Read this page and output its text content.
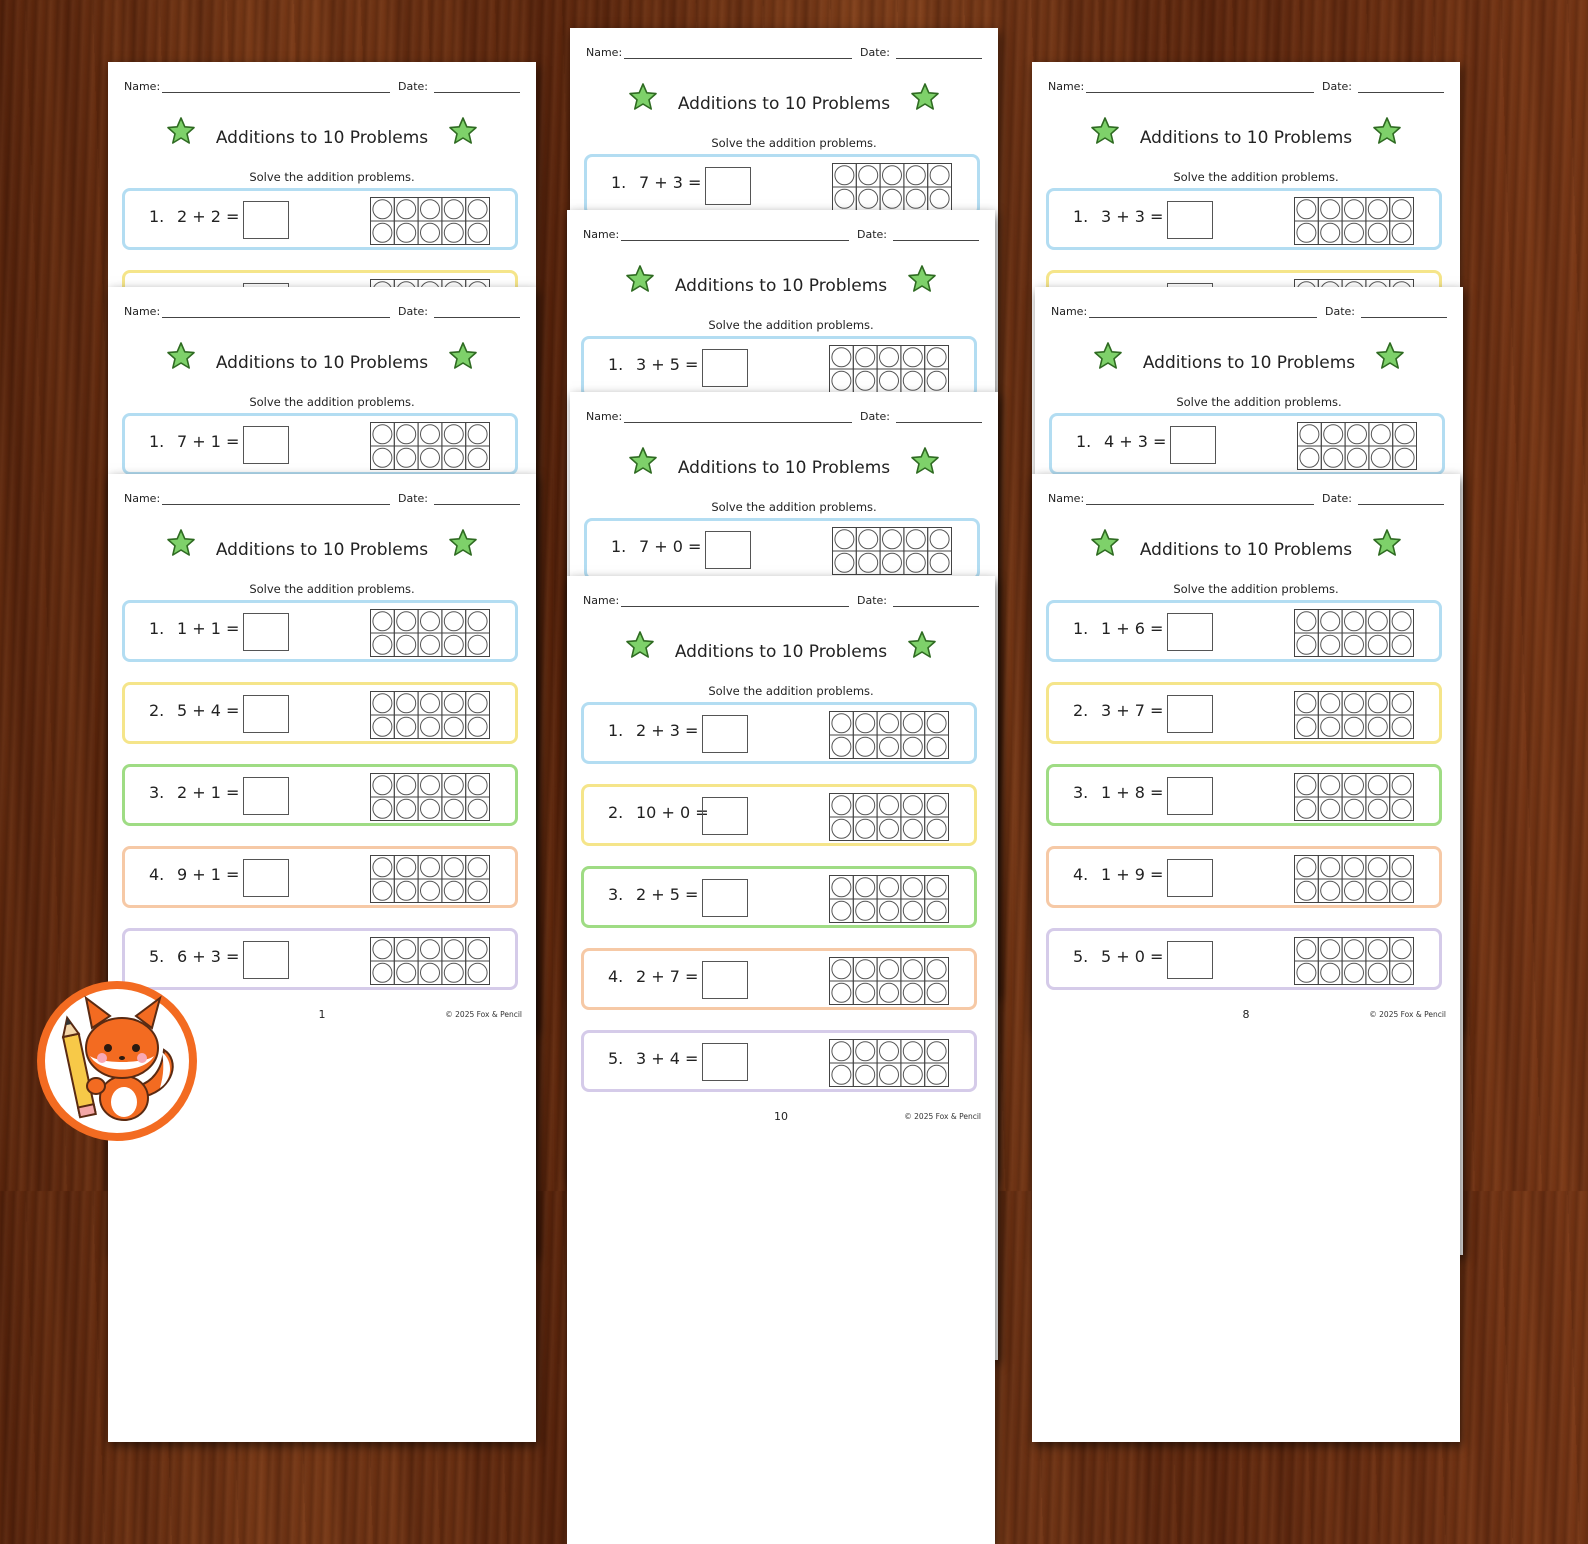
Name:	Date:
Additions to 10 Problems
Solve the addition problems.
1. 2 + 2 =
Name:	Date:
Additions to 10 Problems
Solve the addition problems.
1. 7 + 3 =
Name:	Date:
Additions to 10 Problems
Solve the addition problems.
1. 3 + 3 =
Name:	Date:
Additions to 10 Problems
Solve the addition problems.
1. 7 + 1 =
Name:	Date:
Additions to 10 Problems
Solve the addition problems.
1. 3 + 5 =
Name:	Date:
Additions to 10 Problems
Solve the addition problems.
1. 4 + 3 =
Name:	Date:
Additions to 10 Problems
Solve the addition problems.
1. 7 + 0 =
Name:	Date:
Additions to 10 Problems
Solve the addition problems.
1. 1 + 1 =
2. 5 + 4 =
3. 2 + 1 =
4. 9 + 1 =
5. 6 + 3 =
1	© 2025 Fox & Pencil
Name:	Date:
Additions to 10 Problems
Solve the addition problems.
1. 1 + 6 =
2. 3 + 7 =
3. 1 + 8 =
4. 1 + 9 =
5. 5 + 0 =
8	© 2025 Fox & Pencil
Name:	Date:
Additions to 10 Problems
Solve the addition problems.
1. 2 + 3 =
2. 10 + 0 =
3. 2 + 5 =
4. 2 + 7 =
5. 3 + 4 =
10	© 2025 Fox & Pencil
